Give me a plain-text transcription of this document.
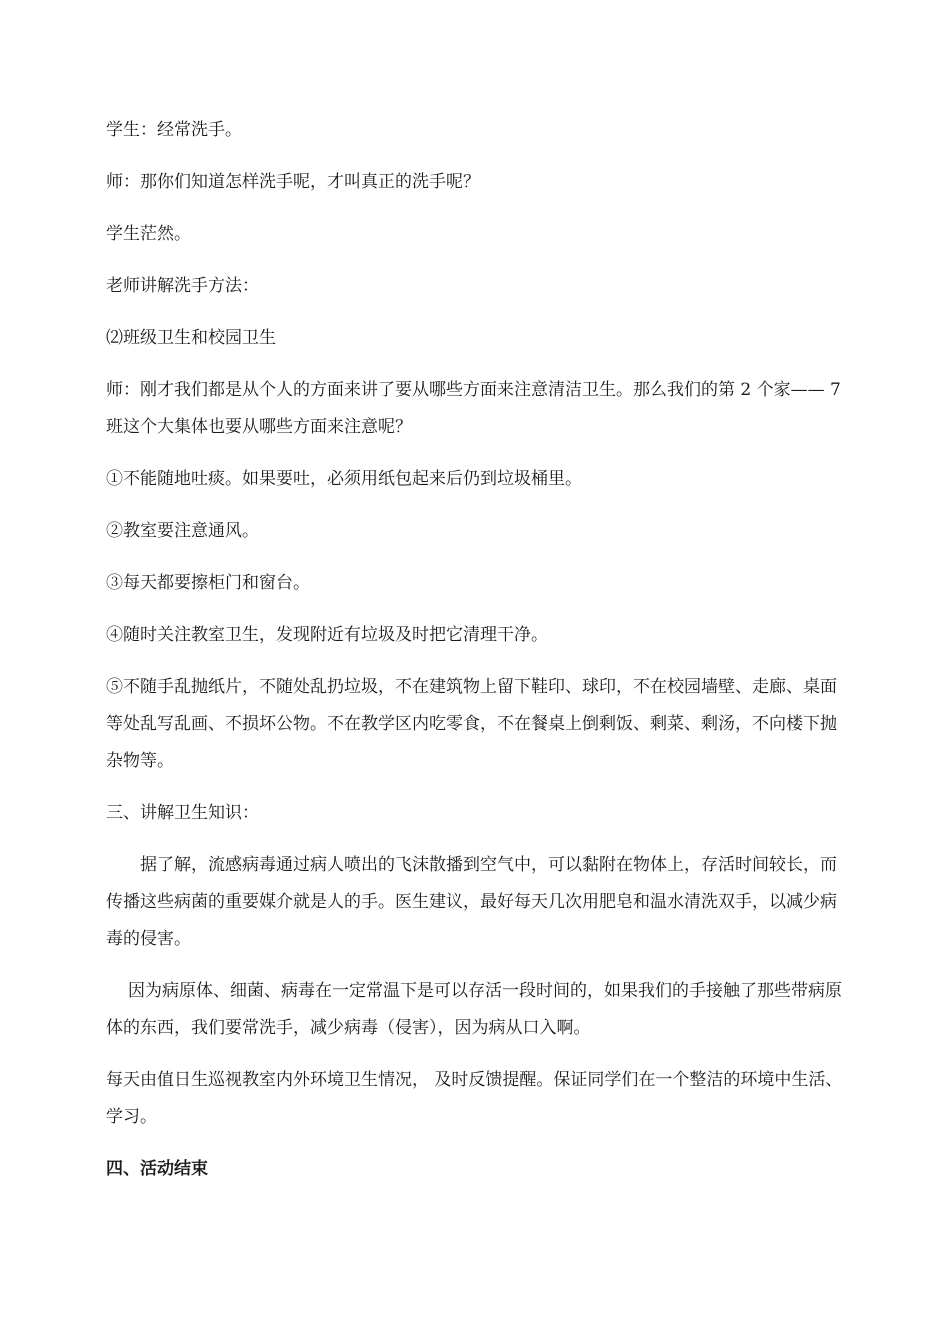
学生：经常洗手。

师：那你们知道怎样洗手呢，才叫真正的洗手呢？

学生茫然。

老师讲解洗手方法：

⑵班级卫生和校园卫生

师：刚才我们都是从个人的方面来讲了要从哪些方面来注意清洁卫生。那么我们的第 2 个家—— 7 班这个大集体也要从哪些方面来注意呢？

①不能随地吐痰。如果要吐，必须用纸包起来后仍到垃圾桶里。

②教室要注意通风。

③每天都要擦柜门和窗台。

④随时关注教室卫生，发现附近有垃圾及时把它清理干净。

⑤不随手乱抛纸片，不随处乱扔垃圾，不在建筑物上留下鞋印、球印，不在校园墙壁、走廊、桌面等处乱写乱画、不损坏公物。不在教学区内吃零食，不在餐桌上倒剩饭、剩菜、剩汤，不向楼下抛杂物等。

三、讲解卫生知识：

据了解，流感病毒通过病人喷出的飞沫散播到空气中，可以黏附在物体上，存活时间较长，而传播这些病菌的重要媒介就是人的手。医生建议，最好每天几次用肥皂和温水清洗双手，以减少病毒的侵害。

因为病原体、细菌、病毒在一定常温下是可以存活一段时间的，如果我们的手接触了那些带病原体的东西，我们要常洗手，减少病毒（侵害），因为病从口入啊。

每天由值日生巡视教室内外环境卫生情况， 及时反馈提醒。保证同学们在一个整洁的环境中生活、学习。

四、活动结束
